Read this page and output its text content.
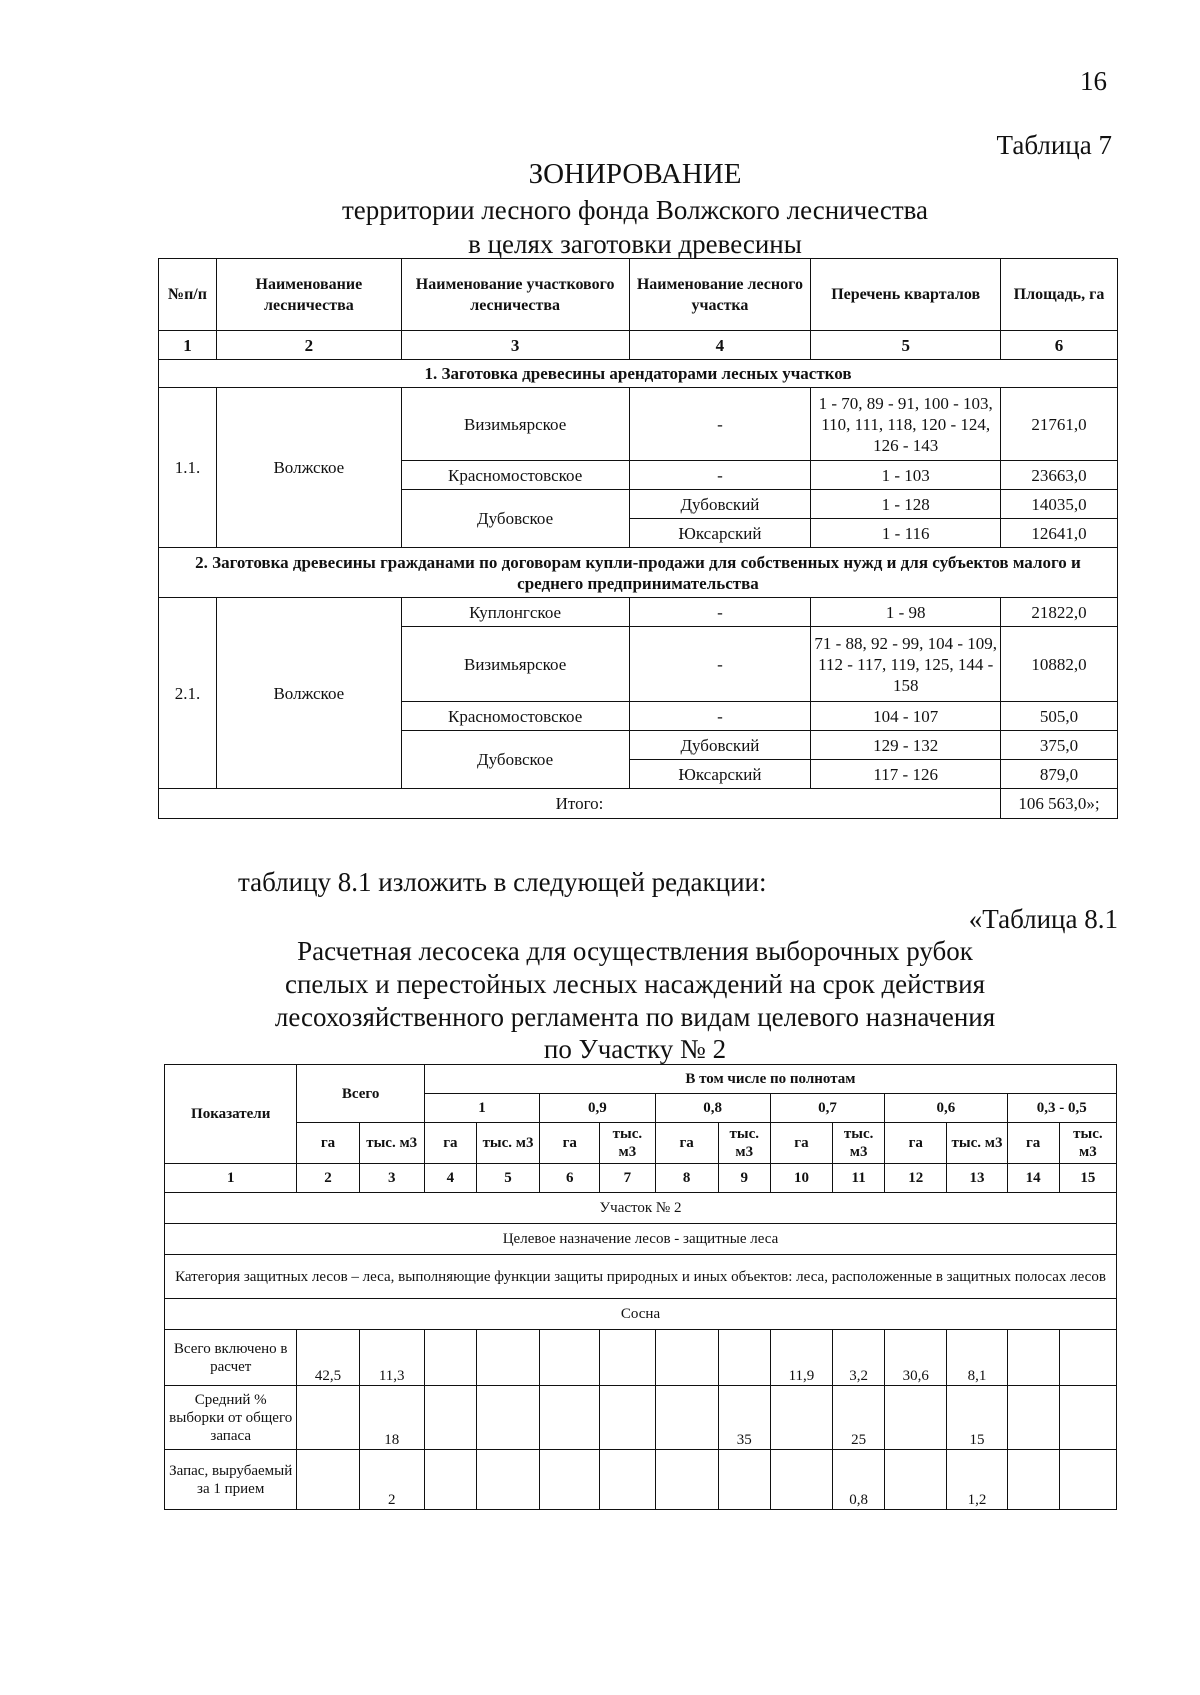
16
Таблица 7
ЗОНИРОВАНИЕ
территории лесного фонда Волжского лесничества
в целях заготовки древесины
№п/п	Наименование лесничества	Наименование участкового лесничества	Наименование лесного участка	Перечень кварталов	Площадь, га
1	2	3	4	5	6
1. Заготовка древесины арендаторами лесных участков					
1.1.	Волжское	Визимьярское	-	1 - 70, 89 - 91, 100 - 103, 110, 111, 118, 120 - 124, 126 - 143	21761,0
		Красномостовское	-	1 - 103	23663,0
		Дубовское	Дубовский	1 - 128	14035,0
			Юксарский	1 - 116	12641,0
2. Заготовка древесины гражданами по договорам купли-продажи для собственных нужд и для субъектов малого и среднего предпринимательства					
2.1.	Волжское	Куплонгское	-	1 - 98	21822,0
		Визимьярское	-	71 - 88, 92 - 99, 104 - 109, 112 - 117, 119, 125, 144 - 158	10882,0
		Красномостовское	-	104 - 107	505,0
		Дубовское	Дубовский	129 - 132	375,0
			Юксарский	117 - 126	879,0
Итого:					106 563,0»;
таблицу 8.1 изложить в следующей редакции:
«Таблица 8.1
Расчетная лесосека для осуществления выборочных рубок
спелых и перестойных лесных насаждений на срок действия
лесохозяйственного регламента по видам целевого назначения
по Участку № 2
Показатели	Всего		В том числе по полнотам											
			1		0,9		0,8		0,7		0,6		0,3 - 0,5	
	га	тыс. м3	га	тыс. м3	га	тыс. м3	га	тыс. м3	га	тыс. м3	га	тыс. м3	га	тыс. м3
1	2	3	4	5	6	7	8	9	10	11	12	13	14	15
Участок № 2														
Целевое назначение лесов - защитные леса														
Категория защитных лесов – леса, выполняющие функции защиты природных и иных объектов: леса, расположенные в защитных полосах лесов														
Сосна														
Всего включено в расчет	42,5	11,3							11,9	3,2	30,6	8,1		
Средний % выборки от общего запаса		18						35		25		15		
Запас, вырубаемый за 1 прием		2								0,8		1,2		
